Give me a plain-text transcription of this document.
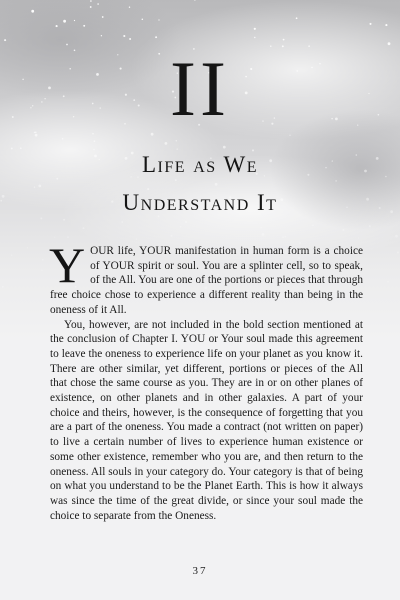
II
Life as We
Understand It

YOUR life, YOUR manifestation in human form is a choice of YOUR spirit or soul. You are a splinter cell, so to speak, of the All. You are one of the portions or pieces that through free choice chose to experience a different reality than being in the oneness of it All.

You, however, are not included in the bold section mentioned at the conclusion of Chapter I. YOU or Your soul made this agreement to leave the oneness to experience life on your planet as you know it. There are other similar, yet different, portions or pieces of the All that chose the same course as you. They are in or on other planes of existence, on other planets and in other galaxies. A part of your choice and theirs, however, is the consequence of forgetting that you are a part of the oneness. You made a contract (not written on paper) to live a certain number of lives to experience human existence or some other existence, remember who you are, and then return to the oneness. All souls in your category do. Your category is that of being on what you understand to be the Planet Earth. This is how it always was since the time of the great divide, or since your soul made the choice to separate from the Oneness.

37
